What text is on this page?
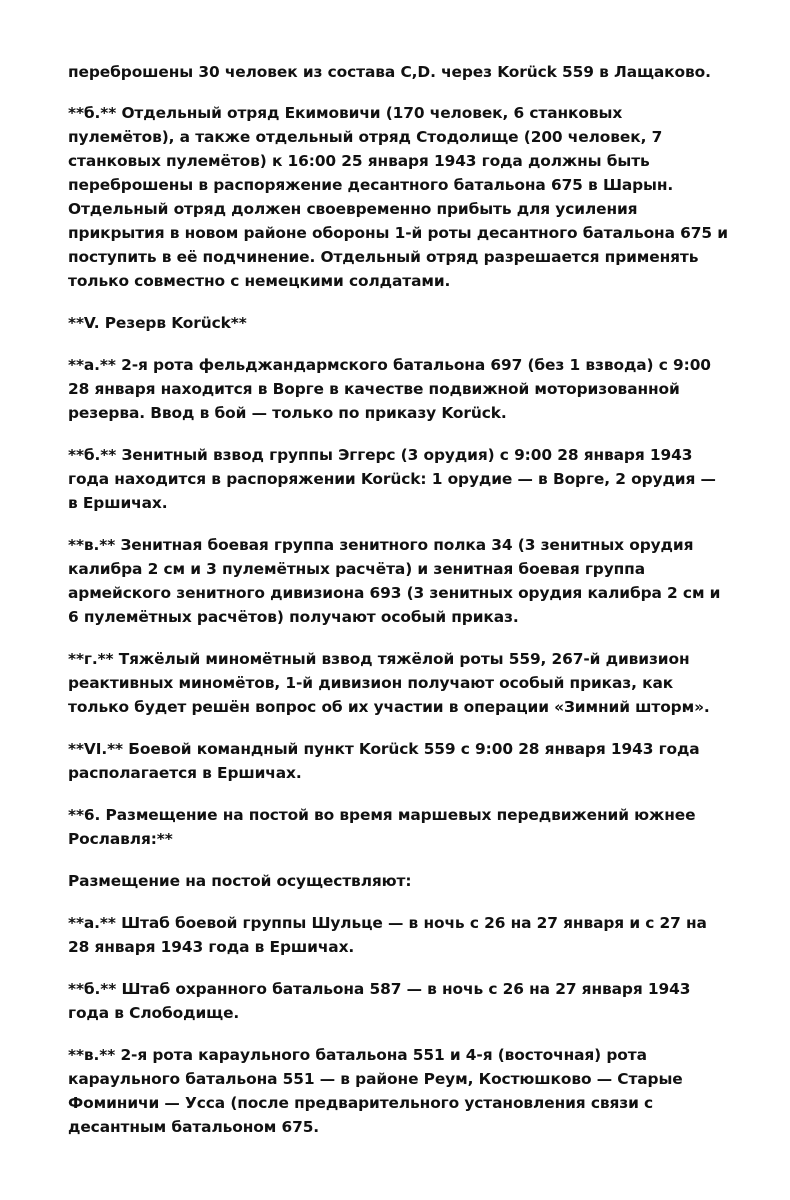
переброшены 30 человек из состава C,D. через Korück 559 в Лащаково.

**б.** Отдельный отряд Екимовичи (170 человек, 6 станковых пулемётов), а также отдельный отряд Стодолище (200 человек, 7 станковых пулемётов) к 16:00 25 января 1943 года должны быть переброшены в распоряжение десантного батальона 675 в Шарын. Отдельный отряд должен своевременно прибыть для усиления прикрытия в новом районе обороны 1-й роты десантного батальона 675 и поступить в её подчинение. Отдельный отряд разрешается применять только совместно с немецкими солдатами.

**V. Резерв Korück**

**а.** 2-я рота фельджандармского батальона 697 (без 1 взвода) с 9:00 28 января находится в Ворге в качестве подвижной моторизованной резерва. Ввод в бой — только по приказу Korück.

**б.** Зенитный взвод группы Эггерс (3 орудия) с 9:00 28 января 1943 года находится в распоряжении Korück: 1 орудие — в Ворге, 2 орудия — в Ершичах.

**в.** Зенитная боевая группа зенитного полка 34 (3 зенитных орудия калибра 2 см и 3 пулемётных расчёта) и зенитная боевая группа армейского зенитного дивизиона 693 (3 зенитных орудия калибра 2 см и 6 пулемётных расчётов) получают особый приказ.

**г.** Тяжёлый миномётный взвод тяжёлой роты 559, 267-й дивизион реактивных миномётов, 1-й дивизион получают особый приказ, как только будет решён вопрос об их участии в операции «Зимний шторм».

**VI.** Боевой командный пункт Korück 559 с 9:00 28 января 1943 года располагается в Ершичах.

**6. Размещение на постой во время маршевых передвижений южнее Рославля:**

Размещение на постой осуществляют:

**а.** Штаб боевой группы Шульце — в ночь с 26 на 27 января и с 27 на 28 января 1943 года в Ершичах.

**б.** Штаб охранного батальона 587 — в ночь с 26 на 27 января 1943 года в Слободище.

**в.** 2-я рота караульного батальона 551 и 4-я (восточная) рота караульного батальона 551 — в районе Реум, Костюшково — Старые Фоминичи — Усса (после предварительного установления связи с десантным батальоном 675.
